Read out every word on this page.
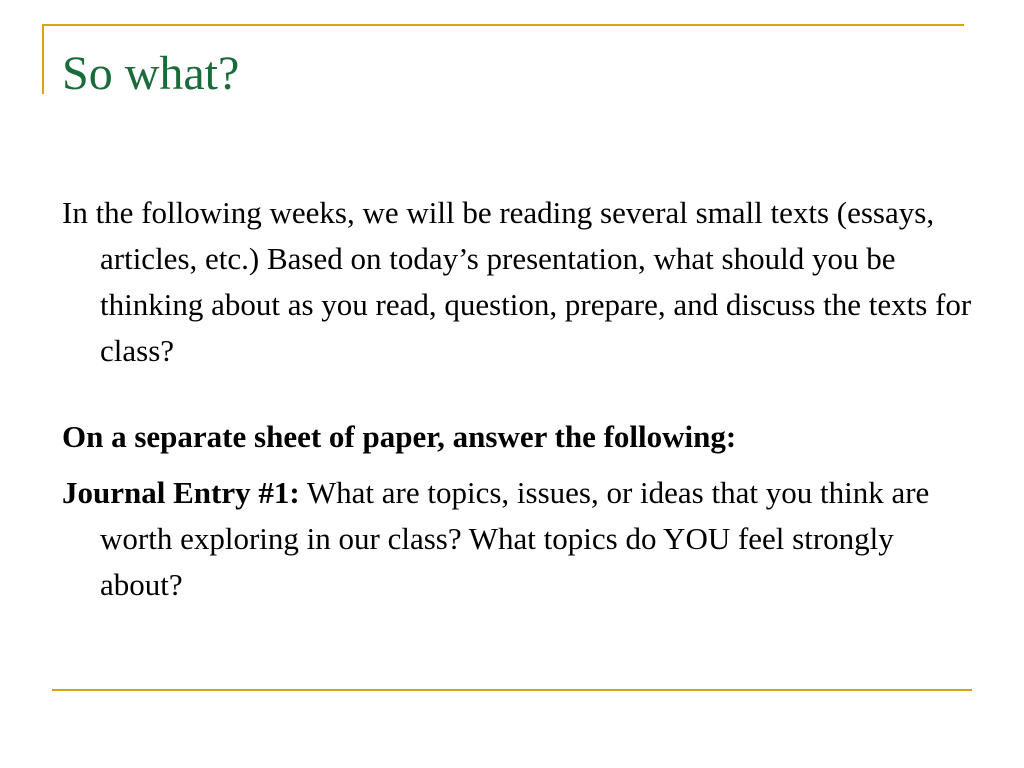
So what?

In the following weeks, we will be reading several small texts (essays, articles, etc.) Based on today’s presentation, what should you be thinking about as you read, question, prepare, and discuss the texts for class?

On a separate sheet of paper, answer the following:

Journal Entry #1: What are topics, issues, or ideas that you think are worth exploring in our class? What topics do YOU feel strongly about?
